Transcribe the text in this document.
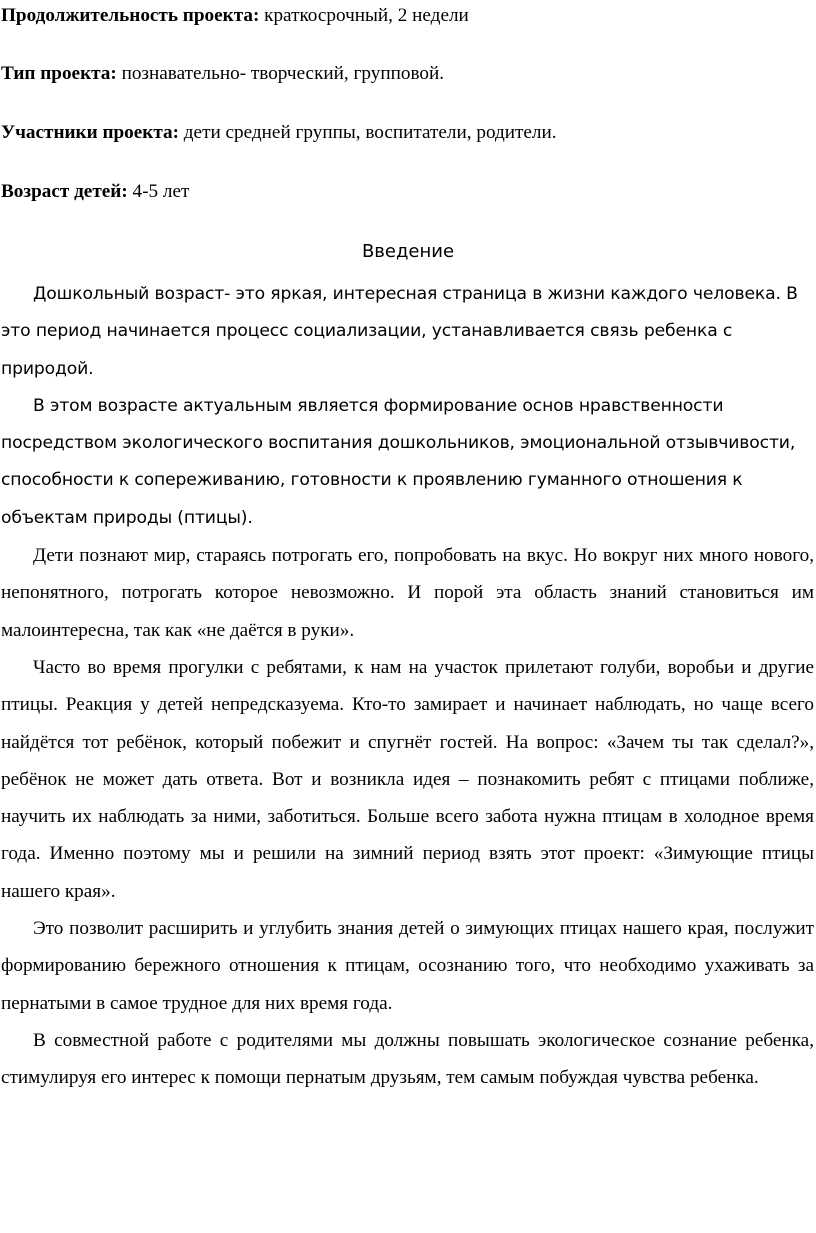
Продолжительность проекта: краткосрочный, 2 недели

Тип проекта: познавательно- творческий, групповой.

Участники проекта: дети средней группы, воспитатели, родители.

Возраст детей: 4-5 лет

Введение

Дошкольный возраст- это яркая, интересная страница в жизни каждого человека. В это период начинается процесс социализации, устанавливается связь ребенка с природой.

В этом возрасте актуальным является формирование основ нравственности посредством экологического воспитания дошкольников, эмоциональной отзывчивости, способности к сопереживанию, готовности к проявлению гуманного отношения к объектам природы (птицы).

Дети познают мир, стараясь потрогать его, попробовать на вкус. Но вокруг них много нового, непонятного, потрогать которое невозможно. И порой эта область знаний становиться им малоинтересна, так как «не даётся в руки».

Часто во время прогулки с ребятами, к нам на участок прилетают голуби, воробьи и другие птицы. Реакция у детей непредсказуема. Кто-то замирает и начинает наблюдать, но чаще всего найдётся тот ребёнок, который побежит и спугнёт гостей. На вопрос: «Зачем ты так сделал?», ребёнок не может дать ответа. Вот и возникла идея – познакомить ребят с птицами поближе, научить их наблюдать за ними, заботиться. Больше всего забота нужна птицам в холодное время года. Именно поэтому мы и решили на зимний период взять этот проект: «Зимующие птицы нашего края».

Это позволит расширить и углубить знания детей о зимующих птицах нашего края, послужит формированию бережного отношения к птицам, осознанию того, что необходимо ухаживать за пернатыми в самое трудное для них время года.

В совместной работе с родителями мы должны повышать экологическое сознание ребенка, стимулируя его интерес к помощи пернатым друзьям, тем самым побуждая чувства ребенка.
